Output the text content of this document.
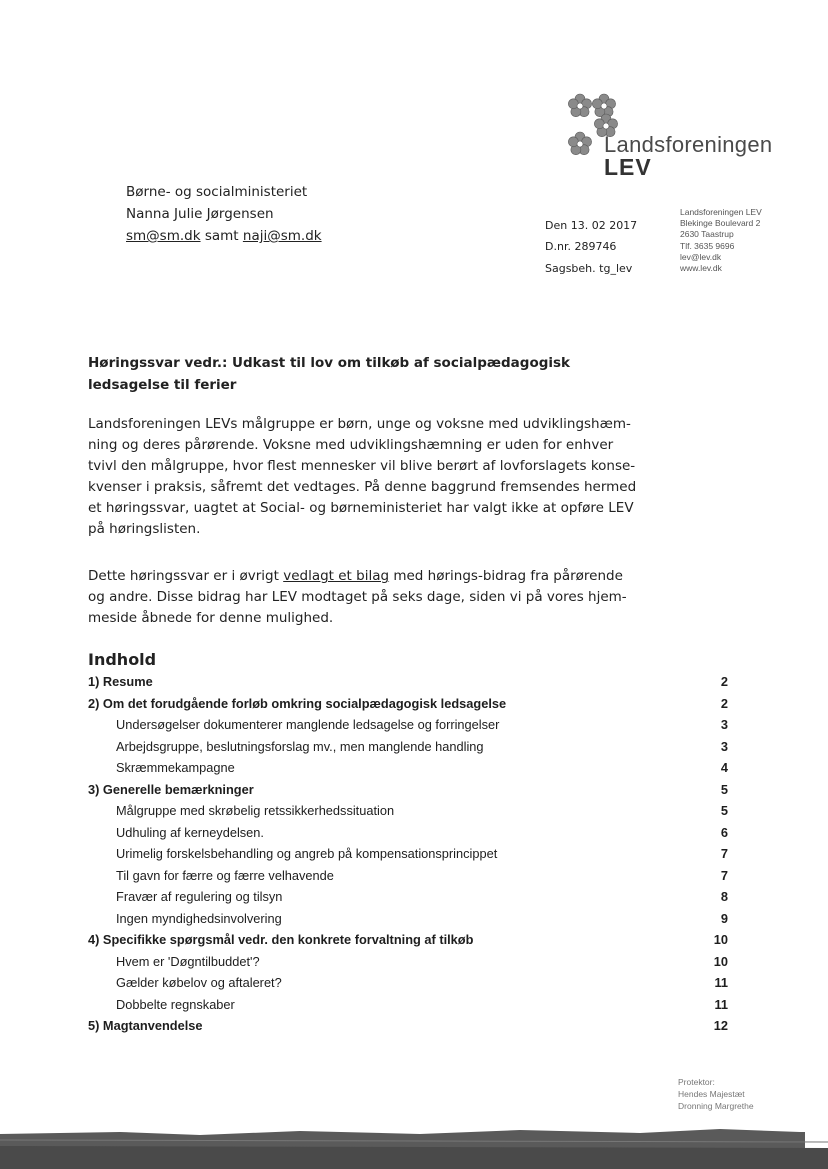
Landsforeningen
LEV
Børne- og socialministeriet
Nanna Julie Jørgensen
sm@sm.dk samt naji@sm.dk
Den 13. 02 2017
D.nr. 289746
Sagsbeh. tg_lev
Landsforeningen LEV
Blekinge Boulevard 2
2630 Taastrup
Tlf. 3635 9696
lev@lev.dk
www.lev.dk
Høringssvar vedr.: Udkast til lov om tilkøb af socialpædagogisk
ledsagelse til ferier
Landsforeningen LEVs målgruppe er børn, unge og voksne med udviklingshæm-
ning og deres pårørende. Voksne med udviklingshæmning er uden for enhver
tvivl den målgruppe, hvor flest mennesker vil blive berørt af lovforslagets konse-
kvenser i praksis, såfremt det vedtages. På denne baggrund fremsendes hermed
et høringssvar, uagtet at Social- og børneministeriet har valgt ikke at opføre LEV
på høringslisten.
Dette høringssvar er i øvrigt vedlagt et bilag med hørings-bidrag fra pårørende
og andre. Disse bidrag har LEV modtaget på seks dage, siden vi på vores hjem-
meside åbnede for denne mulighed.
Indhold
1) Resume	2
2) Om det forudgående forløb omkring socialpædagogisk ledsagelse	2
Undersøgelser dokumenterer manglende ledsagelse og forringelser	3
Arbejdsgruppe, beslutningsforslag mv., men manglende handling	3
Skræmmekampagne	4
3) Generelle bemærkninger	5
Målgruppe med skrøbelig retssikkerhedssituation	5
Udhuling af kerneydelsen.	6
Urimelig forskelsbehandling og angreb på kompensationsprincippet	7
Til gavn for færre og færre velhavende	7
Fravær af regulering og tilsyn	8
Ingen myndighedsinvolvering	9
4) Specifikke spørgsmål vedr. den konkrete forvaltning af tilkøb	10
Hvem er 'Døgntilbuddet'?	10
Gælder købelov og aftaleret?	11
Dobbelte regnskaber	11
5) Magtanvendelse	12
Protektor:
Hendes Majestæt
Dronning Margrethe
